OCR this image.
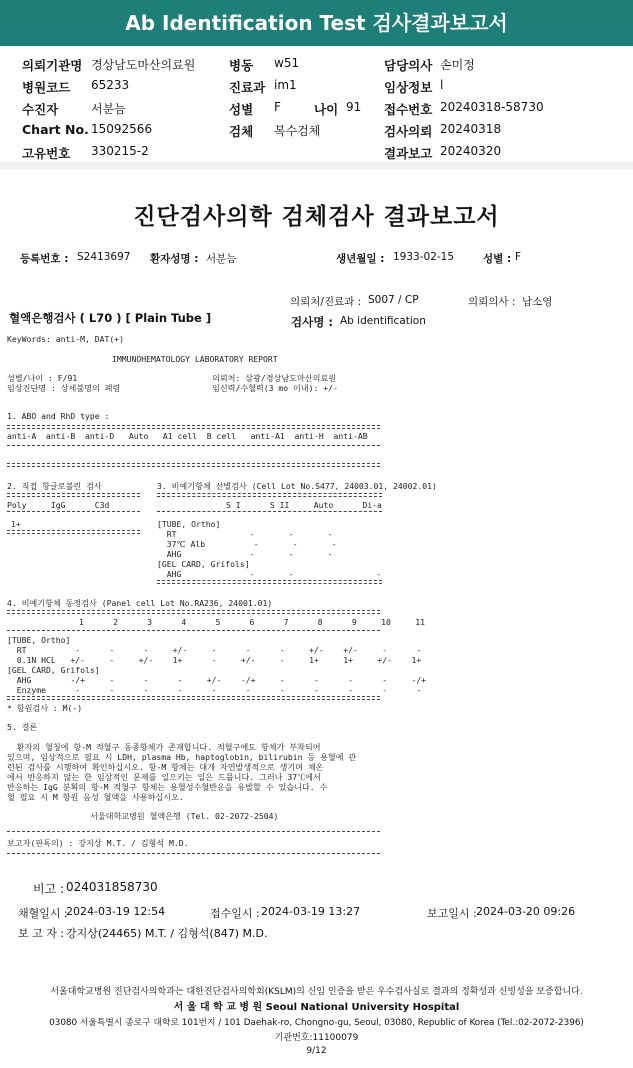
Ab Identification Test 검사결과보고서
의뢰기관명 경상남도마산의료원
병원코드 65233
수진자	서분늠
Chart No. 15092566
고유번호 330215-2
병동 w51
진료과 im1
성별 F	나이 91
검체 복수검체
담당의사 손미정
임상정보 l
접수번호 20240318-58730
검사의뢰 20240318
결과보고 20240320
진단검사의학 검체검사 결과보고서
등록번호 : S2413697 환자성명 : 서분늠	생년월일 : 1933-02-15	성별 : F
의뢰처/진료과 : S007 / CP	의뢰의사 : 남소영
혈액은행검사 ( L70 ) [ Plain Tube ]	검사명 : Ab identification
KeyWords: anti-M, DAT(+)
IMMUNOHEMATOLOGY LABORATORY REPORT
성별/나이 : F/91	의뢰처: 삼광/경상남도마산의료원
임상진단명 : 상세불명의 폐렴	임신력/수혈력(3 mo 이내): +/-
1. ABO and RhD type :
anti-A  anti-B  anti-D   Auto   A1 cell  B cell   anti-A1  anti-H  anti-AB
2. 직접 항글로불린 검사
Poly     IgG      C3d
1+
3. 비예기항체 선별검사 (Cell Lot No.S477, 24003.01, 24002.01)
S I      S II     Auto      Di-a
[TUBE, Ortho]
RT               -       -       -
37℃ Alb          -       -       -
AHG              -       -       -
[GEL CARD, Grifols]
AHG              -       -                 -
4. 비예기항체 동정검사 (Panel cell Lot No.RA236, 24001.01)
1      2      3      4      5      6      7      8      9     10     11
[TUBE, Ortho]
RT          -      -      -     +/-     -      -      -     +/-    +/-     -      -
0.1N HCL   +/-     -     +/-    1+      -     +/-     -     1+     1+     +/-    1+
[GEL CARD, Grifols]
AHG        -/+     -      -      -     +/-    -/+     -      -      -      -     -/+
Enzyme      -      -      -      -      -      -      -      -      -      -      -
* 항원검사 : M(-)
5. 결론
환자의 혈청에 항-M 적혈구 동종항체가 존재합니다. 적혈구에도 항체가 부착되어
있으며, 임상적으로 필요 시 LDH, plasma Hb, haptoglobin, bilirubin 등 용혈에 관
련된 검사를 시행하여 확인하십시오. 항-M 항체는 대개 자연발생적으로 생기며 체온
에서 반응하지 않는 한 임상적인 문제를 일으키는 일은 드뭅니다. 그러나 37℃에서
반응하는 IgG 분획의 항-M 적혈구 항체는 용혈성수혈반응을 유발할 수 있습니다. 수
혈 필요 시 M 항원 음성 혈액을 사용하십시오.
서울대학교병원 혈액은행 (Tel. 02-2072-2504)
보고자(판독의) : 강지상 M.T. / 김형석 M.D.
비고 : 024031858730
채혈일시 :
2024-03-19 12:54	접수일시 : 2024-03-19 13:27	보고일시 : 2024-03-20 09:26
보 고 자 : 강지상(24465) M.T. / 김형석(847) M.D.
서울대학교병원 진단검사의학과는 대한진단검사의학회(KSLM)의 신임 인증을 받은 우수검사실로 결과의 정확성과 신빙성을 보증합니다.
서 울 대 학 교 병 원 Seoul National University Hospital
03080 서울특별시 종로구 대학로 101번지 / 101 Daehak-ro, Chongno-gu, Seoul, 03080, Republic of Korea (Tel.:02-2072-2396)
기관번호:11100079
9/12
